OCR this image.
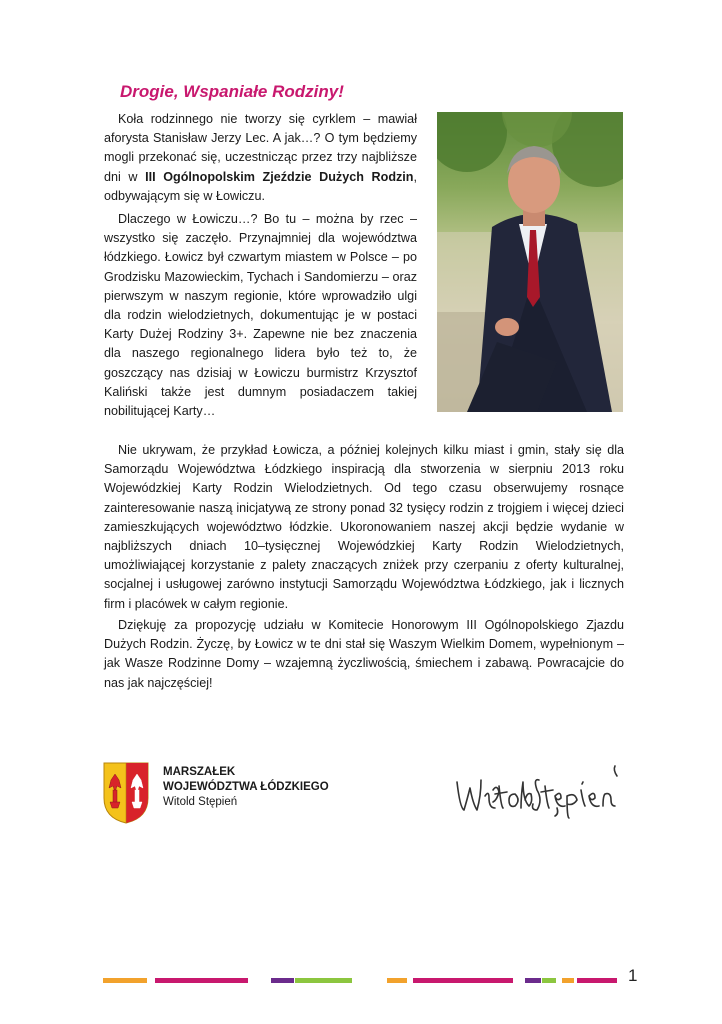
Drogie, Wspaniałe Rodziny!

Koła rodzinnego nie tworzy się cyrklem – mawiał aforysta Stanisław Jerzy Lec. A jak…? O tym będziemy mogli przekonać się, uczestnicząc przez trzy najbliższe dni w III Ogólnopolskim Zjeździe Dużych Rodzin, odbywającym się w Łowiczu.

Dlaczego w Łowiczu…? Bo tu – można by rzec – wszystko się zaczęło. Przynajmniej dla województwa łódzkiego. Łowicz był czwartym miastem w Polsce – po Grodzisku Mazowieckim, Tychach i Sandomierzu – oraz pierwszym w naszym regionie, które wprowadziło ulgi dla rodzin wielodzietnych, dokumentując je w postaci Karty Dużej Rodziny 3+. Zapewne nie bez znaczenia dla naszego regionalnego lidera było też to, że goszczący nas dzisiaj w Łowiczu burmistrz Krzysztof Kaliński także jest dumnym posiadaczem takiej nobilitującej Karty…

Nie ukrywam, że przykład Łowicza, a później kolejnych kilku miast i gmin, stały się dla Samorządu Województwa Łódzkiego inspiracją dla stworzenia w sierpniu 2013 roku Wojewódzkiej Karty Rodzin Wielodzietnych. Od tego czasu obserwujemy rosnące zainteresowanie naszą inicjatywą ze strony ponad 32 tysięcy rodzin z trojgiem i więcej dzieci zamieszkujących województwo łódzkie. Ukoronowaniem naszej akcji będzie wydanie w najbliższych dniach 10–tysięcznej Wojewódzkiej Karty Rodzin Wielodzietnych, umożliwiającej korzystanie z palety znaczących zniżek przy czerpaniu z oferty kulturalnej, socjalnej i usługowej zarówno instytucji Samorządu Województwa Łódzkiego, jak i licznych firm i placówek w całym regionie.

Dziękuję za propozycję udziału w Komitecie Honorowym III Ogólnopolskiego Zjazdu Dużych Rodzin. Życzę, by Łowicz w te dni stał się Waszym Wielkim Domem, wypełnionym – jak Wasze Rodzinne Domy – wzajemną życzliwością, śmiechem i zabawą. Powracajcie do nas jak najczęściej!

MARSZAŁEK
WOJEWÓDZTWA ŁÓDZKIEGO
Witold Stępień
1
